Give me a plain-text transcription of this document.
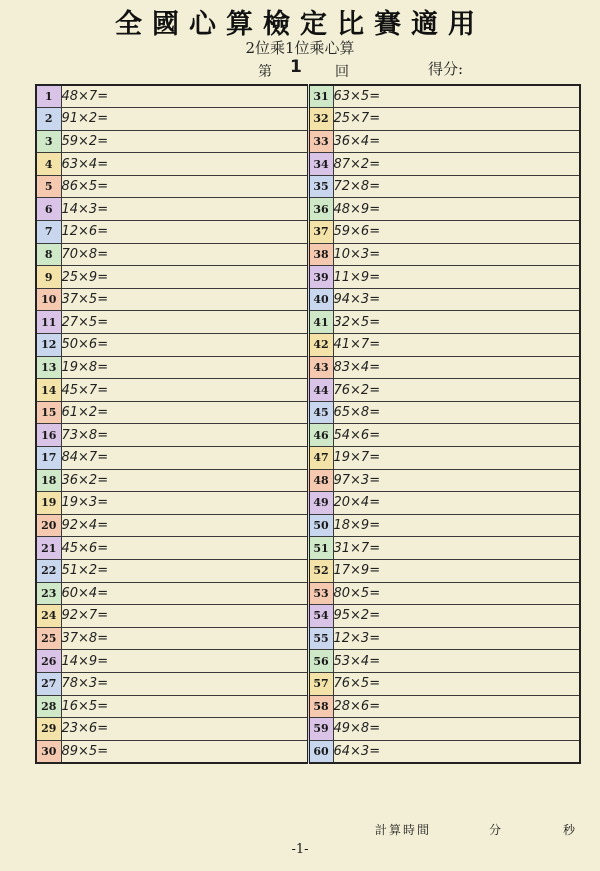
全國心算檢定比賽適用
2位乘1位乘心算
第 1 回	得分:
1	48×7=	31	63×5=
2	91×2=	32	25×7=
3	59×2=	33	36×4=
4	63×4=	34	87×2=
5	86×5=	35	72×8=
6	14×3=	36	48×9=
7	12×6=	37	59×6=
8	70×8=	38	10×3=
9	25×9=	39	11×9=
10	37×5=	40	94×3=
11	27×5=	41	32×5=
12	50×6=	42	41×7=
13	19×8=	43	83×4=
14	45×7=	44	76×2=
15	61×2=	45	65×8=
16	73×8=	46	54×6=
17	84×7=	47	19×7=
18	36×2=	48	97×3=
19	19×3=	49	20×4=
20	92×4=	50	18×9=
21	45×6=	51	31×7=
22	51×2=	52	17×9=
23	60×4=	53	80×5=
24	92×7=	54	95×2=
25	37×8=	55	12×3=
26	14×9=	56	53×4=
27	78×3=	57	76×5=
28	16×5=	58	28×6=
29	23×6=	59	49×8=
30	89×5=	60	64×3=
計算時間	分	秒
-1-
